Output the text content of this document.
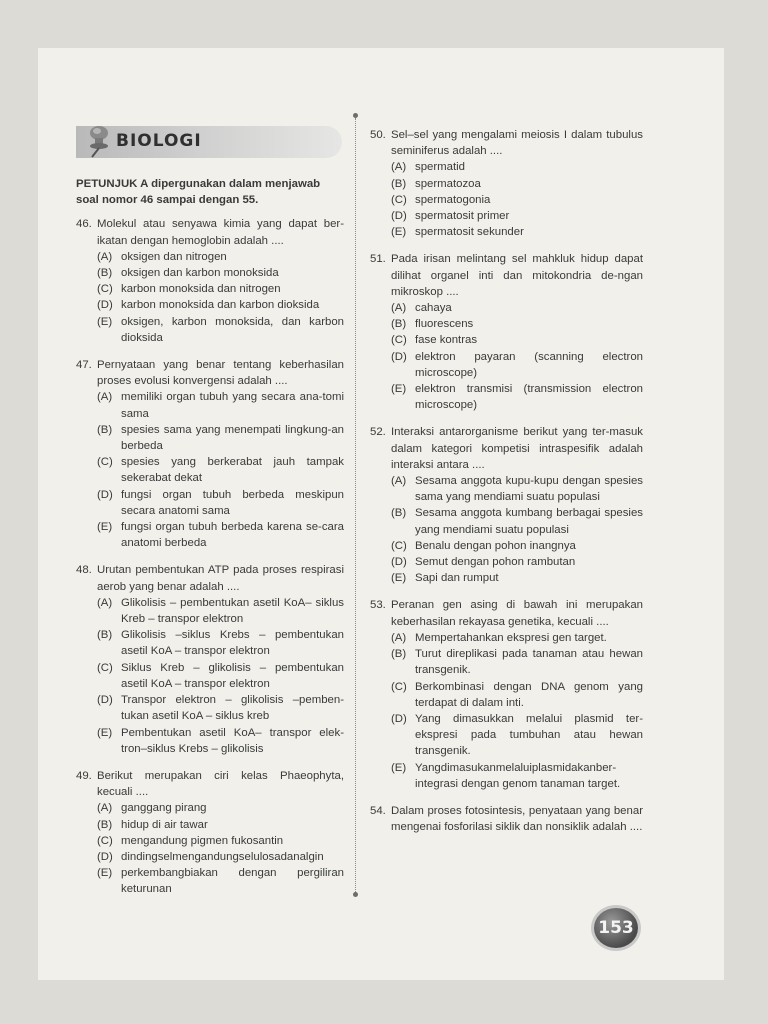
BIOLOGI
PETUNJUK A dipergunakan dalam menjawab soal nomor 46 sampai dengan 55.
46. Molekul atau senyawa kimia yang dapat ber-ikatan dengan hemoglobin adalah ....
(A) oksigen dan nitrogen
(B) oksigen dan karbon monoksida
(C) karbon monoksida dan nitrogen
(D) karbon monoksida dan karbon dioksida
(E) oksigen, karbon monoksida, dan karbon dioksida
47. Pernyataan yang benar tentang keberhasilan proses evolusi konvergensi adalah ....
(A) memiliki organ tubuh yang secara ana-tomi sama
(B) spesies sama yang menempati lingkung-an berbeda
(C) spesies yang berkerabat jauh tampak sekerabat dekat
(D) fungsi organ tubuh berbeda meskipun secara anatomi sama
(E) fungsi organ tubuh berbeda karena se-cara anatomi berbeda
48. Urutan pembentukan ATP pada proses respirasi aerob yang benar adalah ....
(A) Glikolisis – pembentukan asetil KoA– siklus Kreb – transpor elektron
(B) Glikolisis –siklus Krebs – pembentukan asetil KoA – transpor elektron
(C) Siklus Kreb – glikolisis – pembentukan asetil KoA – transpor elektron
(D) Transpor elektron – glikolisis –pemben-tukan asetil KoA – siklus kreb
(E) Pembentukan asetil KoA– transpor elek-tron–siklus Krebs – glikolisis
49. Berikut merupakan ciri kelas Phaeophyta, kecuali ....
(A) ganggang pirang
(B) hidup di air tawar
(C) mengandung pigmen fukosantin
(D) dindingselmengandungselulosadanalgin
(E) perkembangbiakan dengan pergiliran keturunan
50. Sel–sel yang mengalami meiosis I dalam tubulus seminiferus adalah ....
(A) spermatid
(B) spermatozoa
(C) spermatogonia
(D) spermatosit primer
(E) spermatosit sekunder
51. Pada irisan melintang sel mahkluk hidup dapat dilihat organel inti dan mitokondria de-ngan mikroskop ....
(A) cahaya
(B) fluorescens
(C) fase kontras
(D) elektron payaran (scanning electron microscope)
(E) elektron transmisi (transmission electron microscope)
52. Interaksi antarorganisme berikut yang ter-masuk dalam kategori kompetisi intraspesifik adalah interaksi antara ....
(A) Sesama anggota kupu-kupu dengan spesies sama yang mendiami suatu populasi
(B) Sesama anggota kumbang berbagai spesies yang mendiami suatu populasi
(C) Benalu dengan pohon inangnya
(D) Semut dengan pohon rambutan
(E) Sapi dan rumput
53. Peranan gen asing di bawah ini merupakan keberhasilan rekayasa genetika, kecuali ....
(A) Mempertahankan ekspresi gen target.
(B) Turut direplikasi pada tanaman atau hewan transgenik.
(C) Berkombinasi dengan DNA genom yang terdapat di dalam inti.
(D) Yang dimasukkan melalui plasmid ter-ekspresi pada tumbuhan atau hewan transgenik.
(E) Yangdimasukanmelaluiplasmidakanber-integrasi dengan genom tanaman target.
54. Dalam proses fotosintesis, penyataan yang benar mengenai fosforilasi siklik dan nonsiklik adalah ....
153
